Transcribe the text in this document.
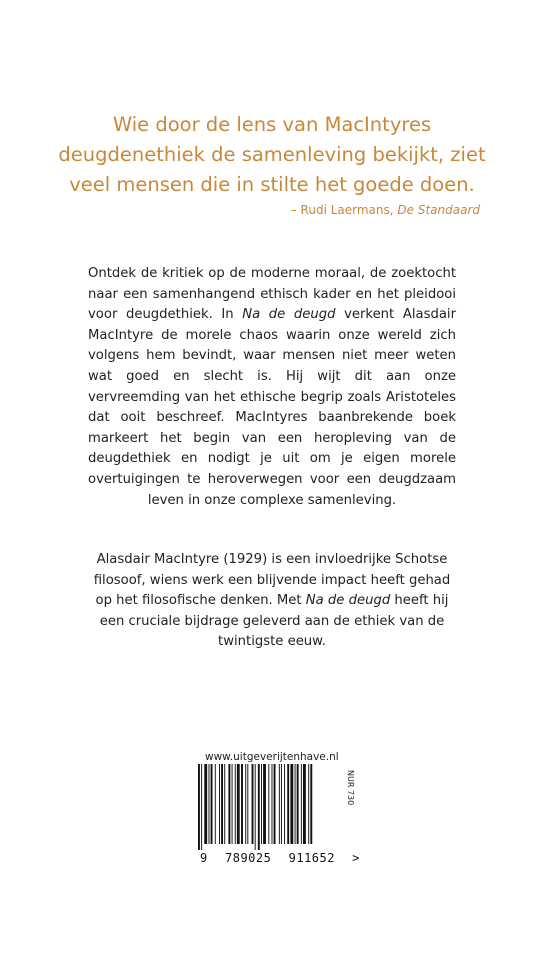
Wie door de lens van MacIntyres

deugdenethiek de samenleving bekijkt, ziet

veel mensen die in stilte het goede doen.

– Rudi Laermans, De Standaard

Ontdek de kritiek op de moderne moraal, de zoektocht naar een samenhangend ethisch kader en het pleidooi voor deugdethiek. In Na de deugd verkent Alasdair MacIntyre de morele chaos waarin onze wereld zich volgens hem bevindt, waar mensen niet meer weten wat goed en slecht is. Hij wijt dit aan onze vervreemding van het ethische begrip zoals Aristoteles dat ooit beschreef. MacIntyres baanbrekende boek markeert het begin van een heropleving van de deugdethiek en nodigt je uit om je eigen morele overtuigingen te heroverwegen voor een deugdzaam leven in onze complexe samenleving.

Alasdair MacIntyre (1929) is een invloedrijke Schotse filosoof, wiens werk een blijvende impact heeft gehad op het filosofische denken. Met Na de deugd heeft hij een cruciale bijdrage geleverd aan de ethiek van de twintigste eeuw.

www.uitgeverijtenhave.nl
NUR 730
9 789025 911652 >
